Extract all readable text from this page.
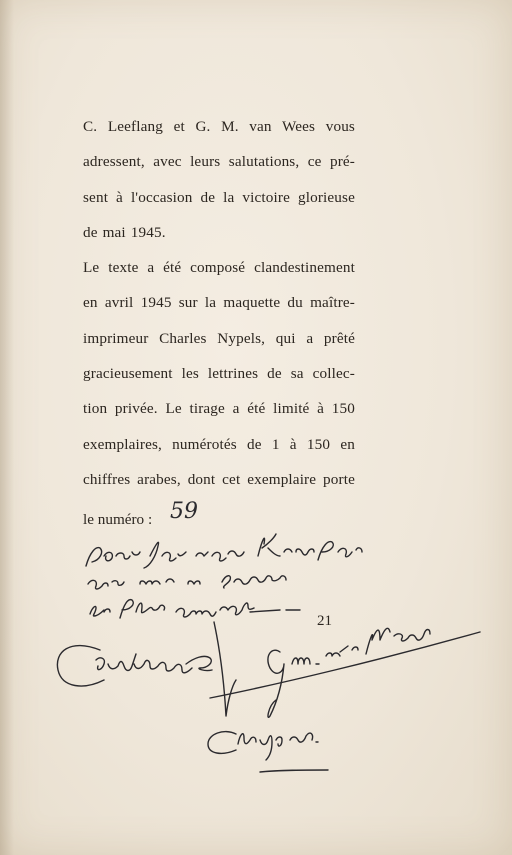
C. Leeflang et G. M. van Wees vous
adressent, avec leurs salutations, ce pré-
sent à l'occasion de la victoire glorieuse
de mai 1945.
Le texte a été composé clandestinement
en avril 1945 sur la maquette du maître-
imprimeur Charles Nypels, qui a prêté
gracieusement les lettrines de sa collec-
tion privée. Le tirage a été limité à 150
exemplaires, numérotés de 1 à 150 en
chiffres arabes, dont cet exemplaire porte
le numéro : 59
21
